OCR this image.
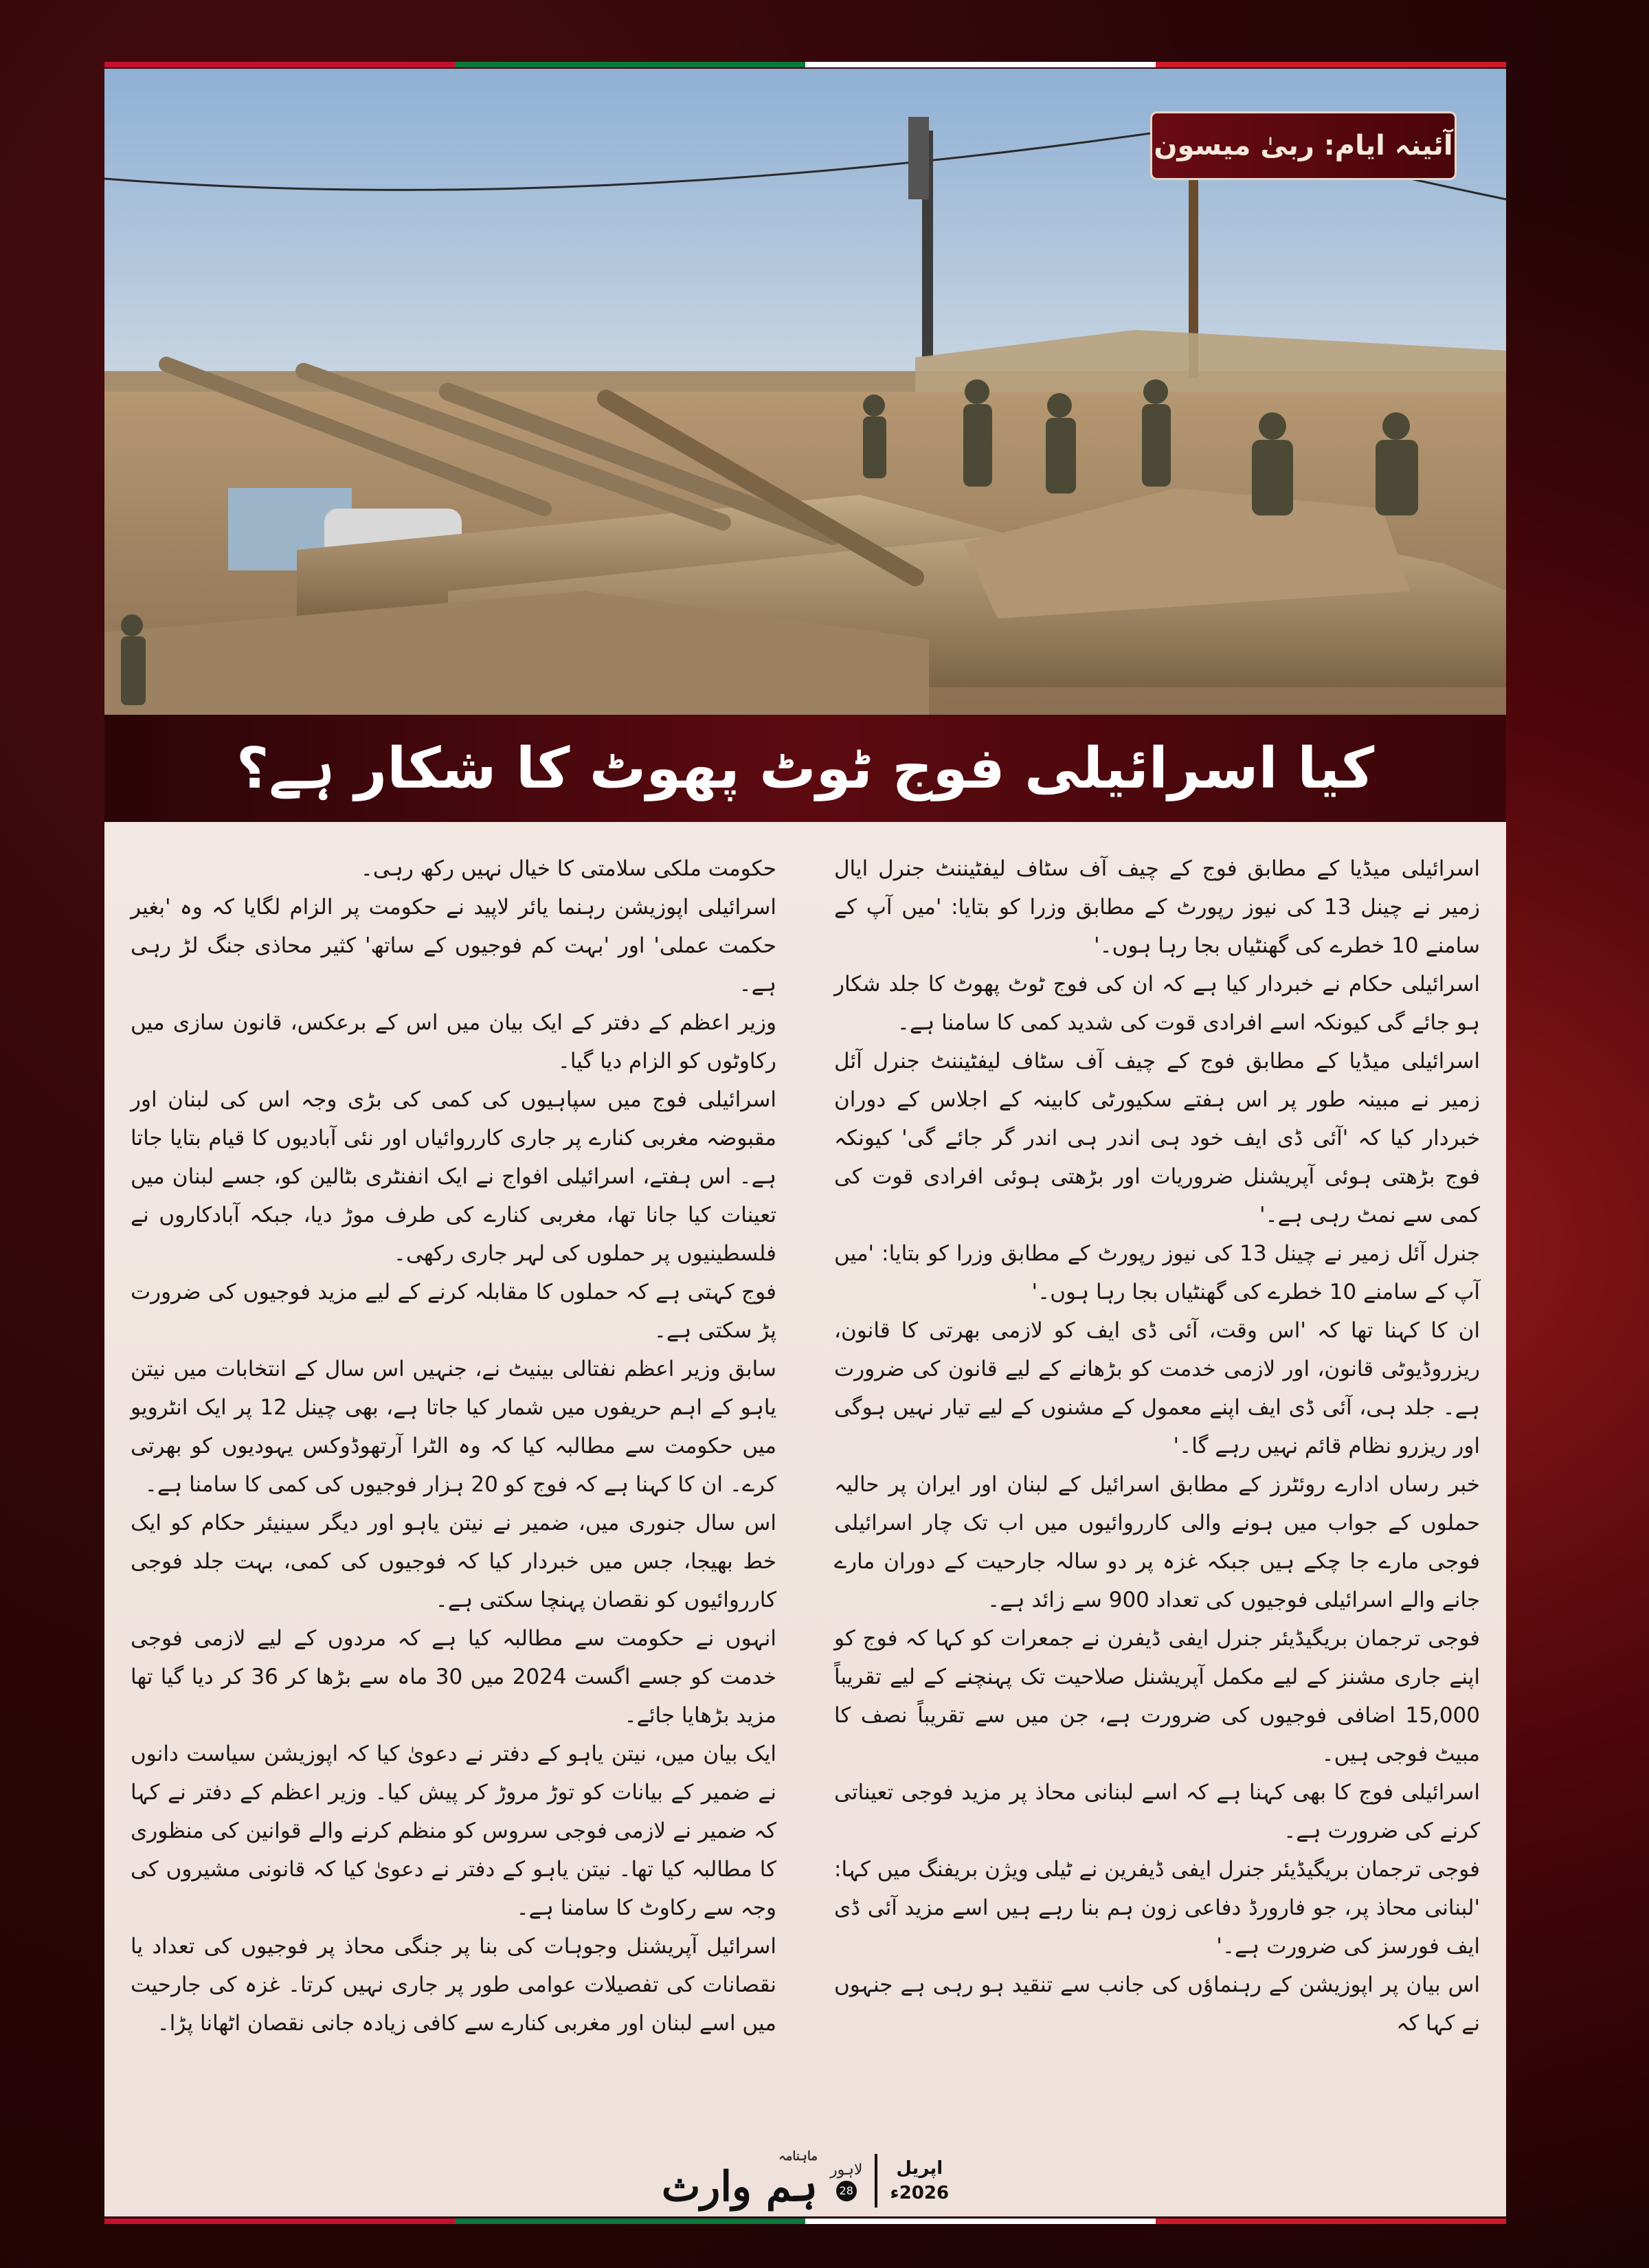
آئینہ ایام: ربیٰ میسون
کیا اسرائیلی فوج ٹوٹ پھوٹ کا شکار ہے؟

اسرائیلی میڈیا کے مطابق فوج کے چیف آف سٹاف لیفٹیننٹ جنرل ایال زمیر نے چینل 13 کی نیوز رپورٹ کے مطابق وزرا کو بتایا: 'میں آپ کے سامنے 10 خطرے کی گھنٹیاں بجا رہا ہوں۔'

اسرائیلی حکام نے خبردار کیا ہے کہ ان کی فوج ٹوٹ پھوٹ کا جلد شکار ہو جائے گی کیونکہ اسے افرادی قوت کی شدید کمی کا سامنا ہے۔

اسرائیلی میڈیا کے مطابق فوج کے چیف آف سٹاف لیفٹیننٹ جنرل آئل زمیر نے مبینہ طور پر اس ہفتے سکیورٹی کابینہ کے اجلاس کے دوران خبردار کیا کہ 'آئی ڈی ایف خود ہی اندر ہی اندر گر جائے گی' کیونکہ فوج بڑھتی ہوئی آپریشنل ضروریات اور بڑھتی ہوئی افرادی قوت کی کمی سے نمٹ رہی ہے۔'

جنرل آئل زمیر نے چینل 13 کی نیوز رپورٹ کے مطابق وزرا کو بتایا: 'میں آپ کے سامنے 10 خطرے کی گھنٹیاں بجا رہا ہوں۔'

ان کا کہنا تھا کہ 'اس وقت، آئی ڈی ایف کو لازمی بھرتی کا قانون، ریزروڈیوٹی قانون، اور لازمی خدمت کو بڑھانے کے لیے قانون کی ضرورت ہے۔ جلد ہی، آئی ڈی ایف اپنے معمول کے مشنوں کے لیے تیار نہیں ہوگی اور ریزرو نظام قائم نہیں رہے گا۔'

خبر رساں ادارے روئٹرز کے مطابق اسرائیل کے لبنان اور ایران پر حالیہ حملوں کے جواب میں ہونے والی کارروائیوں میں اب تک چار اسرائیلی فوجی مارے جا چکے ہیں جبکہ غزہ پر دو سالہ جارحیت کے دوران مارے جانے والے اسرائیلی فوجیوں کی تعداد 900 سے زائد ہے۔

فوجی ترجمان بریگیڈیئر جنرل ایفی ڈیفرن نے جمعرات کو کہا کہ فوج کو اپنے جاری مشنز کے لیے مکمل آپریشنل صلاحیت تک پہنچنے کے لیے تقریباً 15,000 اضافی فوجیوں کی ضرورت ہے، جن میں سے تقریباً نصف کا مبیٹ فوجی ہیں۔

اسرائیلی فوج کا بھی کہنا ہے کہ اسے لبنانی محاذ پر مزید فوجی تعیناتی کرنے کی ضرورت ہے۔

فوجی ترجمان بریگیڈیئر جنرل ایفی ڈیفرین نے ٹیلی ویژن بریفنگ میں کہا: 'لبنانی محاذ پر، جو فارورڈ دفاعی زون ہم بنا رہے ہیں اسے مزید آئی ڈی ایف فورسز کی ضرورت ہے۔'

اس بیان پر اپوزیشن کے رہنماؤں کی جانب سے تنقید ہو رہی ہے جنہوں نے کہا کہ

حکومت ملکی سلامتی کا خیال نہیں رکھ رہی۔

اسرائیلی اپوزیشن رہنما یائر لاپید نے حکومت پر الزام لگایا کہ وہ 'بغیر حکمت عملی' اور 'بہت کم فوجیوں کے ساتھ' کثیر محاذی جنگ لڑ رہی ہے۔

وزیر اعظم کے دفتر کے ایک بیان میں اس کے برعکس، قانون سازی میں رکاوٹوں کو الزام دیا گیا۔

اسرائیلی فوج میں سپاہیوں کی کمی کی بڑی وجہ اس کی لبنان اور مقبوضہ مغربی کنارے پر جاری کارروائیاں اور نئی آبادیوں کا قیام بتایا جاتا ہے۔ اس ہفتے، اسرائیلی افواج نے ایک انفنٹری بٹالین کو، جسے لبنان میں تعینات کیا جانا تھا، مغربی کنارے کی طرف موڑ دیا، جبکہ آبادکاروں نے فلسطینیوں پر حملوں کی لہر جاری رکھی۔

فوج کہتی ہے کہ حملوں کا مقابلہ کرنے کے لیے مزید فوجیوں کی ضرورت پڑ سکتی ہے۔

سابق وزیر اعظم نفتالی بینیٹ نے، جنہیں اس سال کے انتخابات میں نیتن یاہو کے اہم حریفوں میں شمار کیا جاتا ہے، بھی چینل 12 پر ایک انٹرویو میں حکومت سے مطالبہ کیا کہ وہ الٹرا آرتھوڈوکس یہودیوں کو بھرتی کرے۔ ان کا کہنا ہے کہ فوج کو 20 ہزار فوجیوں کی کمی کا سامنا ہے۔

اس سال جنوری میں، ضمیر نے نیتن یاہو اور دیگر سینیئر حکام کو ایک خط بھیجا، جس میں خبردار کیا کہ فوجیوں کی کمی، بہت جلد فوجی کارروائیوں کو نقصان پہنچا سکتی ہے۔

انہوں نے حکومت سے مطالبہ کیا ہے کہ مردوں کے لیے لازمی فوجی خدمت کو جسے اگست 2024 میں 30 ماہ سے بڑھا کر 36 کر دیا گیا تھا مزید بڑھایا جائے۔

ایک بیان میں، نیتن یاہو کے دفتر نے دعویٰ کیا کہ اپوزیشن سیاست دانوں نے ضمیر کے بیانات کو توڑ مروڑ کر پیش کیا۔ وزیر اعظم کے دفتر نے کہا کہ ضمیر نے لازمی فوجی سروس کو منظم کرنے والے قوانین کی منظوری کا مطالبہ کیا تھا۔ نیتن یاہو کے دفتر نے دعویٰ کیا کہ قانونی مشیروں کی وجہ سے رکاوٹ کا سامنا ہے۔

اسرائیل آپریشنل وجوہات کی بنا پر جنگی محاذ پر فوجیوں کی تعداد یا نقصانات کی تفصیلات عوامی طور پر جاری نہیں کرتا۔ غزہ کی جارحیت میں اسے لبنان اور مغربی کنارے سے کافی زیادہ جانی نقصان اٹھانا پڑا۔

ماہنامہ
ہم وارث لاہور
28
اپریل
2026ء
